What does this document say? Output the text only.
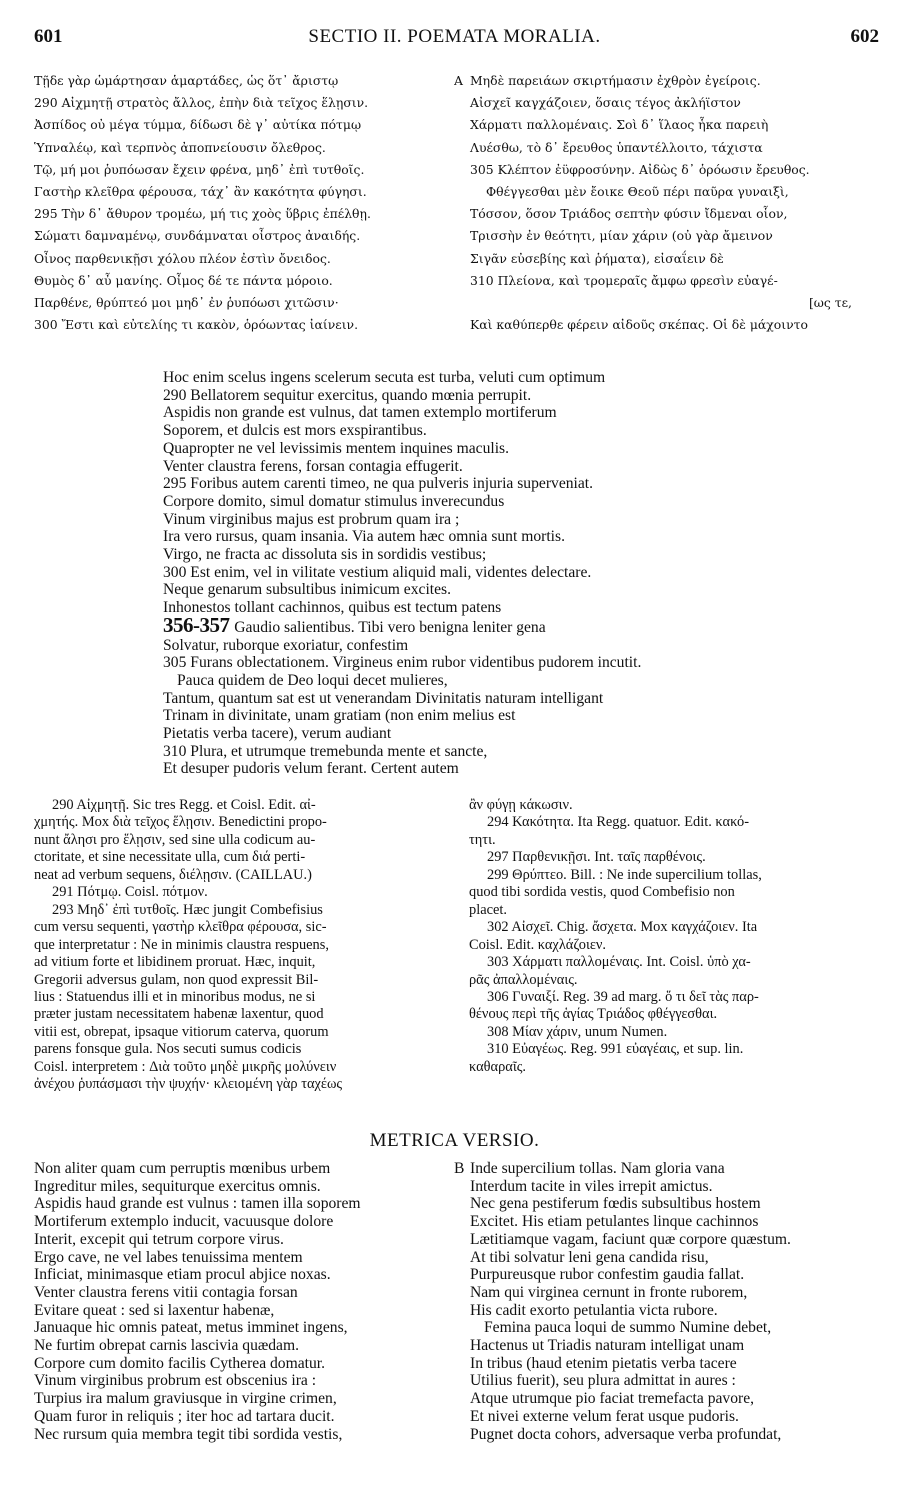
601	SECTIO II. POEMATA MORALIA.	602
Τῇδε γὰρ ὡμάρτησαν ἁμαρτάδες, ὡς ὅτ᾽ ἄριστῳ
290 Αἰχμητῇ στρατὸς ἄλλος, ἐπὴν διὰ τεῖχος ἕλῃσιν.
Ἀσπίδος οὐ μέγα τύμμα, δίδωσι δὲ γ᾽ αὐτίκα πότμῳ
Ὑπναλέῳ, καὶ τερπνὸς ἀποπνείουσιν ὄλεθρος.
Τῷ, μή μοι ῥυπόωσαν ἔχειν φρένα, μηδ᾽ ἐπὶ τυτθοῖς.
Γαστὴρ κλεῖθρα φέρουσα, τάχ᾽ ἂν κακότητα φύγησι.
295 Τὴν δ᾽ ἄθυρον τρομέω, μή τις χοὸς ὕβρις ἐπέλθῃ.
Σώματι δαμναμένῳ, συνδάμναται οἶστρος ἀναιδής.
Οἶνος παρθενικῇσι χόλου πλέον ἐστὶν ὄνειδος.
Θυμὸς δ᾽ αὖ μανίης. Οἶμος δέ τε πάντα μόροιο.
Παρθένε, θρύπτεό μοι μηδ᾽ ἐν ῥυπόωσι χιτῶσιν·
300 Ἔστι καὶ εὐτελίης τι κακὸν, ὁρόωντας ἰαίνειν.
A Μηδὲ παρειάων σκιρτήμασιν ἐχθρὸν ἐγείροις.
Αἰσχεῖ καγχάζοιεν, ὅσαις τέγος ἀκλήϊστον
Χάρματι παλλομέναις. Σοὶ δ᾽ ἵλαος ἧκα παρειὴ
Λυέσθω, τὸ δ᾽ ἔρευθος ὑπαντέλλοιτο, τάχιστα
305 Κλέπτον ἐϋφροσύνην. Αἰδὼς δ᾽ ὁρόωσιν ἔρευθος.
Φθέγγεσθαι μὲν ἔοικε Θεοῦ πέρι παῦρα γυναιξὶ,
Τόσσον, ὅσον Τριάδος σεπτὴν φύσιν ἴδμεναι οἷον,
Τρισσὴν ἐν θεότητι, μίαν χάριν (οὐ γὰρ ἄμεινον
Σιγᾶν εὐσεβίης καὶ ῥήματα), εἰσαΐειν δὲ
310 Πλείονα, καὶ τρομεραῖς ἄμφω φρεσὶν εὐαγέ-
[ως τε,
Καὶ καθύπερθε φέρειν αἰδοῦς σκέπας. Οἱ δὲ μάχοιντο
Hoc enim scelus ingens scelerum secuta est turba, veluti cum optimum
290 Bellatorem sequitur exercitus, quando mœnia perrupit.
Aspidis non grande est vulnus, dat tamen extemplo mortiferum
Soporem, et dulcis est mors exspirantibus.
Quapropter ne vel levissimis mentem inquines maculis.
Venter claustra ferens, forsan contagia effugerit.
295 Foribus autem carenti timeo, ne qua pulveris injuria superveniat.
Corpore domito, simul domatur stimulus inverecundus
Vinum virginibus majus est probrum quam ira ;
Ira vero rursus, quam insania. Via autem hæc omnia sunt mortis.
Virgo, ne fracta ac dissoluta sis in sordidis vestibus;
300 Est enim, vel in vilitate vestium aliquid mali, videntes delectare.
Neque genarum subsultibus inimicum excites.
Inhonestos tollant cachinnos, quibus est tectum patens
356-357 Gaudio salientibus. Tibi vero benigna leniter gena
Solvatur, ruborque exoriatur, confestim
305 Furans oblectationem. Virgineus enim rubor videntibus pudorem incutit.
Pauca quidem de Deo loqui decet mulieres,
Tantum, quantum sat est ut venerandam Divinitatis naturam intelligant
Trinam in divinitate, unam gratiam (non enim melius est
Pietatis verba tacere), verum audiant
310 Plura, et utrumque tremebunda mente et sancte,
Et desuper pudoris velum ferant. Certent autem
290 Αἰχμητῇ. Sic tres Regg. et Coisl. Edit. αἰ-
χμητής. Mox διὰ τεῖχος ἕλῃσιν. Benedictini propo-
nunt ἄλησι pro ἕλῃσιν, sed sine ulla codicum au-
ctoritate, et sine necessitate ulla, cum διά perti-
neat ad verbum sequens, διέλῃσιν. (CAILLAU.)
291 Πότμῳ. Coisl. πότμον.
293 Μηδ᾽ ἐπὶ τυτθοῖς. Hæc jungit Combefisius
cum versu sequenti, γαστὴρ κλεῖθρα φέρουσα, sic-
que interpretatur : Ne in minimis claustra respuens,
ad vitium forte et libidinem proruat. Hæc, inquit,
Gregorii adversus gulam, non quod expressit Bil-
lius : Statuendus illi et in minoribus modus, ne si
præter justam necessitatem habenæ laxentur, quod
vitii est, obrepat, ipsaque vitiorum caterva, quorum
parens fonsque gula. Nos secuti sumus codicis
Coisl. interpretem : Διὰ τοῦτο μηδὲ μικρῆς μολύνειν
ἀνέχου ῥυπάσμασι τὴν ψυχήν· κλειομένη γὰρ ταχέως
ἂν φύγῃ κάκωσιν.
294 Κακότητα. Ita Regg. quatuor. Edit. κακό-
τητι.
297 Παρθενικῇσι. Int. ταῖς παρθένοις.
299 Θρύπτεο. Bill. : Ne inde supercilium tollas,
quod tibi sordida vestis, quod Combefisio non
placet.
302 Αἰσχεῖ. Chig. ἄσχετα. Mox καγχάζοιεν. Ita
Coisl. Edit. καχλάζοιεν.
303 Χάρματι παλλομέναις. Int. Coisl. ὑπὸ χα-
ρᾶς ἀπαλλομέναις.
306 Γυναιξί. Reg. 39 ad marg. ὅ τι δεῖ τὰς παρ-
θένους περὶ τῆς ἁγίας Τριάδος φθέγγεσθαι.
308 Μίαν χάριν, unum Numen.
310 Εὐαγέως. Reg. 991 εὐαγέαις, et sup. lin.
καθαραῖς.
METRICA VERSIO.
Non aliter quam cum perruptis mœnibus urbem
Ingreditur miles, sequiturque exercitus omnis.
Aspidis haud grande est vulnus : tamen illa soporem
Mortiferum extemplo inducit, vacuusque dolore
Interit, excepit qui tetrum corpore virus.
Ergo cave, ne vel labes tenuissima mentem
Inficiat, minimasque etiam procul abjice noxas.
Venter claustra ferens vitii contagia forsan
Evitare queat : sed si laxentur habenæ,
Januaque hic omnis pateat, metus imminet ingens,
Ne furtim obrepat carnis lascivia quædam.
Corpore cum domito facilis Cytherea domatur.
Vinum virginibus probrum est obscenius ira :
Turpius ira malum graviusque in virgine crimen,
Quam furor in reliquis ; iter hoc ad tartara ducit.
Nec rursum quia membra tegit tibi sordida vestis,
B Inde supercilium tollas. Nam gloria vana
Interdum tacite in viles irrepit amictus.
Nec gena pestiferum fœdis subsultibus hostem
Excitet. His etiam petulantes linque cachinnos
Lætitiamque vagam, faciunt quæ corpore quæstum.
At tibi solvatur leni gena candida risu,
Purpureusque rubor confestim gaudia fallat.
Nam qui virginea cernunt in fronte ruborem,
His cadit exorto petulantia victa rubore.
Femina pauca loqui de summo Numine debet,
Hactenus ut Triadis naturam intelligat unam
In tribus (haud etenim pietatis verba tacere
Utilius fuerit), seu plura admittat in aures :
Atque utrumque pio faciat tremefacta pavore,
Et nivei externe velum ferat usque pudoris.
Pugnet docta cohors, adversaque verba profundat,
